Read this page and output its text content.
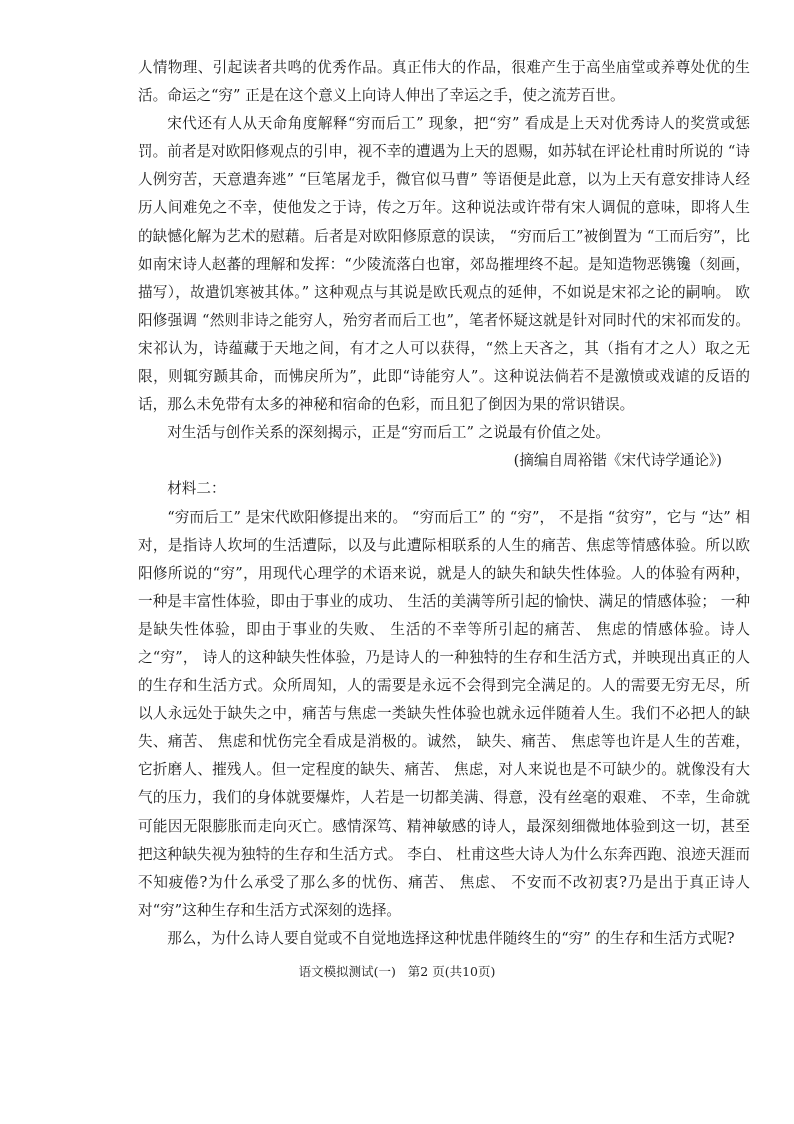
人情物理、引起读者共鸣的优秀作品。真正伟大的作品，很难产生于高坐庙堂或养尊处优的生活。命运之“穷” 正是在这个意义上向诗人伸出了幸运之手，使之流芳百世。

宋代还有人从天命角度解释“穷而后工” 现象，把“穷” 看成是上天对优秀诗人的奖赏或惩罚。前者是对欧阳修观点的引申，视不幸的遭遇为上天的恩赐，如苏轼在评论杜甫时所说的 “诗人例穷苦，天意遣奔逃” “巨笔屠龙手，微官似马曹” 等语便是此意，以为上天有意安排诗人经历人间难免之不幸，使他发之于诗，传之万年。这种说法或许带有宋人调侃的意味，即将人生的缺憾化解为艺术的慰藉。后者是对欧阳修原意的误读， “穷而后工”被倒置为 “工而后穷”，比如南宋诗人赵蕃的理解和发挥：“少陵流落白也窜，郊岛摧埋终不起。是知造物恶镌镵（刻画，描写），故遣饥寒被其体。” 这种观点与其说是欧氏观点的延伸，不如说是宋祁之论的嗣响。 欧阳修强调 “然则非诗之能穷人，殆穷者而后工也”，笔者怀疑这就是针对同时代的宋祁而发的。宋祁认为，诗蕴藏于天地之间，有才之人可以获得，“然上天吝之，其（指有才之人）取之无限，则辄穷踬其命，而怫戾所为”，此即“诗能穷人”。这种说法倘若不是激愤或戏谑的反语的话，那么未免带有太多的神秘和宿命的色彩，而且犯了倒因为果的常识错误。

对生活与创作关系的深刻揭示，正是“穷而后工” 之说最有价值之处。

(摘编自周裕锴《宋代诗学通论》)

材料二：

“穷而后工” 是宋代欧阳修提出来的。 “穷而后工” 的 “穷”， 不是指 “贫穷”，它与 “达” 相对，是指诗人坎坷的生活遭际，以及与此遭际相联系的人生的痛苦、焦虑等情感体验。所以欧阳修所说的“穷”，用现代心理学的术语来说，就是人的缺失和缺失性体验。人的体验有两种， 一种是丰富性体验，即由于事业的成功、 生活的美满等所引起的愉快、满足的情感体验； 一种是缺失性体验，即由于事业的失败、 生活的不幸等所引起的痛苦、 焦虑的情感体验。诗人之“穷”， 诗人的这种缺失性体验，乃是诗人的一种独特的生存和生活方式，并映现出真正的人的生存和生活方式。众所周知，人的需要是永远不会得到完全满足的。人的需要无穷无尽，所以人永远处于缺失之中，痛苦与焦虑一类缺失性体验也就永远伴随着人生。我们不必把人的缺失、痛苦、 焦虑和忧伤完全看成是消极的。诚然， 缺失、痛苦、 焦虑等也许是人生的苦难，它折磨人、摧残人。但一定程度的缺失、痛苦、 焦虑，对人来说也是不可缺少的。就像没有大气的压力，我们的身体就要爆炸，人若是一切都美满、得意，没有丝毫的艰难、 不幸，生命就可能因无限膨胀而走向灭亡。感情深笃、精神敏感的诗人，最深刻细微地体验到这一切，甚至把这种缺失视为独特的生存和生活方式。 李白、 杜甫这些大诗人为什么东奔西跑、浪迹天涯而不知疲倦?为什么承受了那么多的忧伤、痛苦、 焦虑、 不安而不改初衷?乃是出于真正诗人对“穷”这种生存和生活方式深刻的选择。

那么，为什么诗人要自觉或不自觉地选择这种忧患伴随终生的“穷” 的生存和生活方式呢?

语文模拟测试(一) 第2 页(共10页)
